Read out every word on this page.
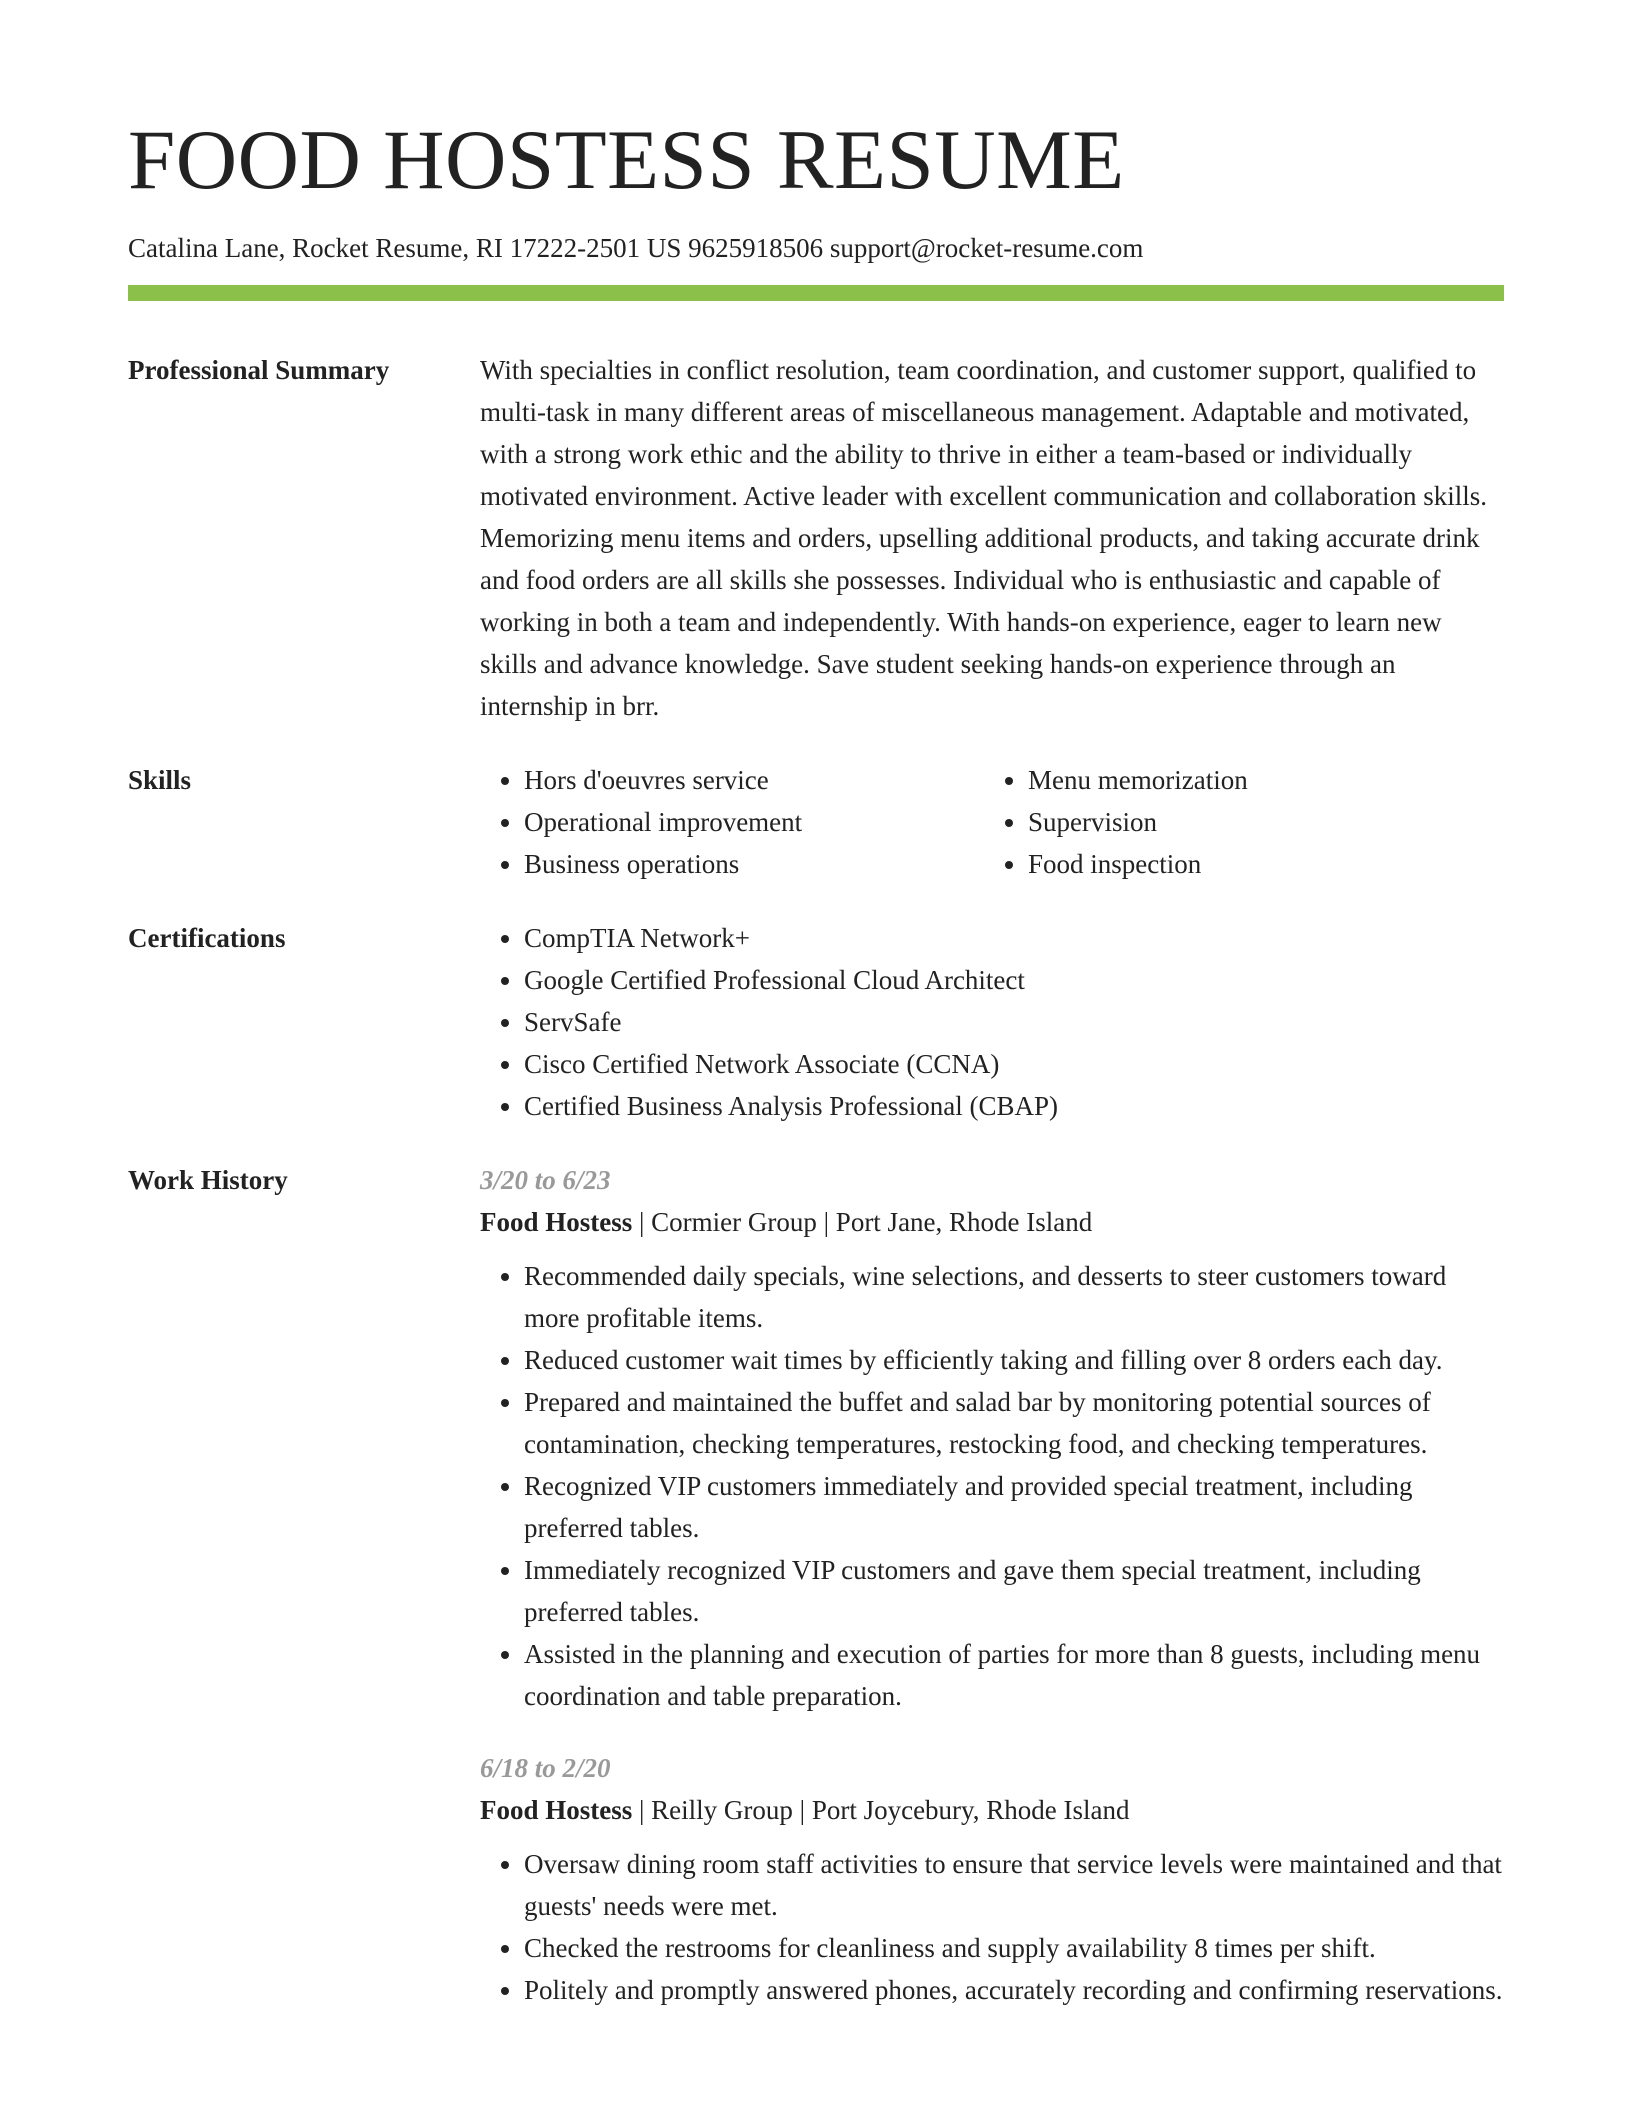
FOOD HOSTESS RESUME
Catalina Lane, Rocket Resume, RI 17222-2501 US 9625918506 support@rocket-resume.com
Professional Summary	With specialties in conflict resolution, team coordination, and customer support, qualified to multi-task in many different areas of miscellaneous management. Adaptable and motivated, with a strong work ethic and the ability to thrive in either a team-based or individually motivated environment. Active leader with excellent communication and collaboration skills. Memorizing menu items and orders, upselling additional products, and taking accurate drink and food orders are all skills she possesses. Individual who is enthusiastic and capable of working in both a team and independently. With hands-on experience, eager to learn new skills and advance knowledge. Save student seeking hands-on experience through an internship in brr.

Skills	• Hors d'oeuvres service
• Operational improvement
• Business operations
• Menu memorization
• Supervision
• Food inspection
Certifications	• CompTIA Network+
• Google Certified Professional Cloud Architect
• ServSafe
• Cisco Certified Network Associate (CCNA)
• Certified Business Analysis Professional (CBAP)
Work History	3/20 to 6/23
Food Hostess | Cormier Group | Port Jane, Rhode Island
• Recommended daily specials, wine selections, and desserts to steer customers toward more profitable items.
• Reduced customer wait times by efficiently taking and filling over 8 orders each day.
• Prepared and maintained the buffet and salad bar by monitoring potential sources of contamination, checking temperatures, restocking food, and checking temperatures.
• Recognized VIP customers immediately and provided special treatment, including preferred tables.
• Immediately recognized VIP customers and gave them special treatment, including preferred tables.
• Assisted in the planning and execution of parties for more than 8 guests, including menu coordination and table preparation.
6/18 to 2/20
Food Hostess | Reilly Group | Port Joycebury, Rhode Island
• Oversaw dining room staff activities to ensure that service levels were maintained and that guests' needs were met.
• Checked the restrooms for cleanliness and supply availability 8 times per shift.
• Politely and promptly answered phones, accurately recording and confirming reservations.
